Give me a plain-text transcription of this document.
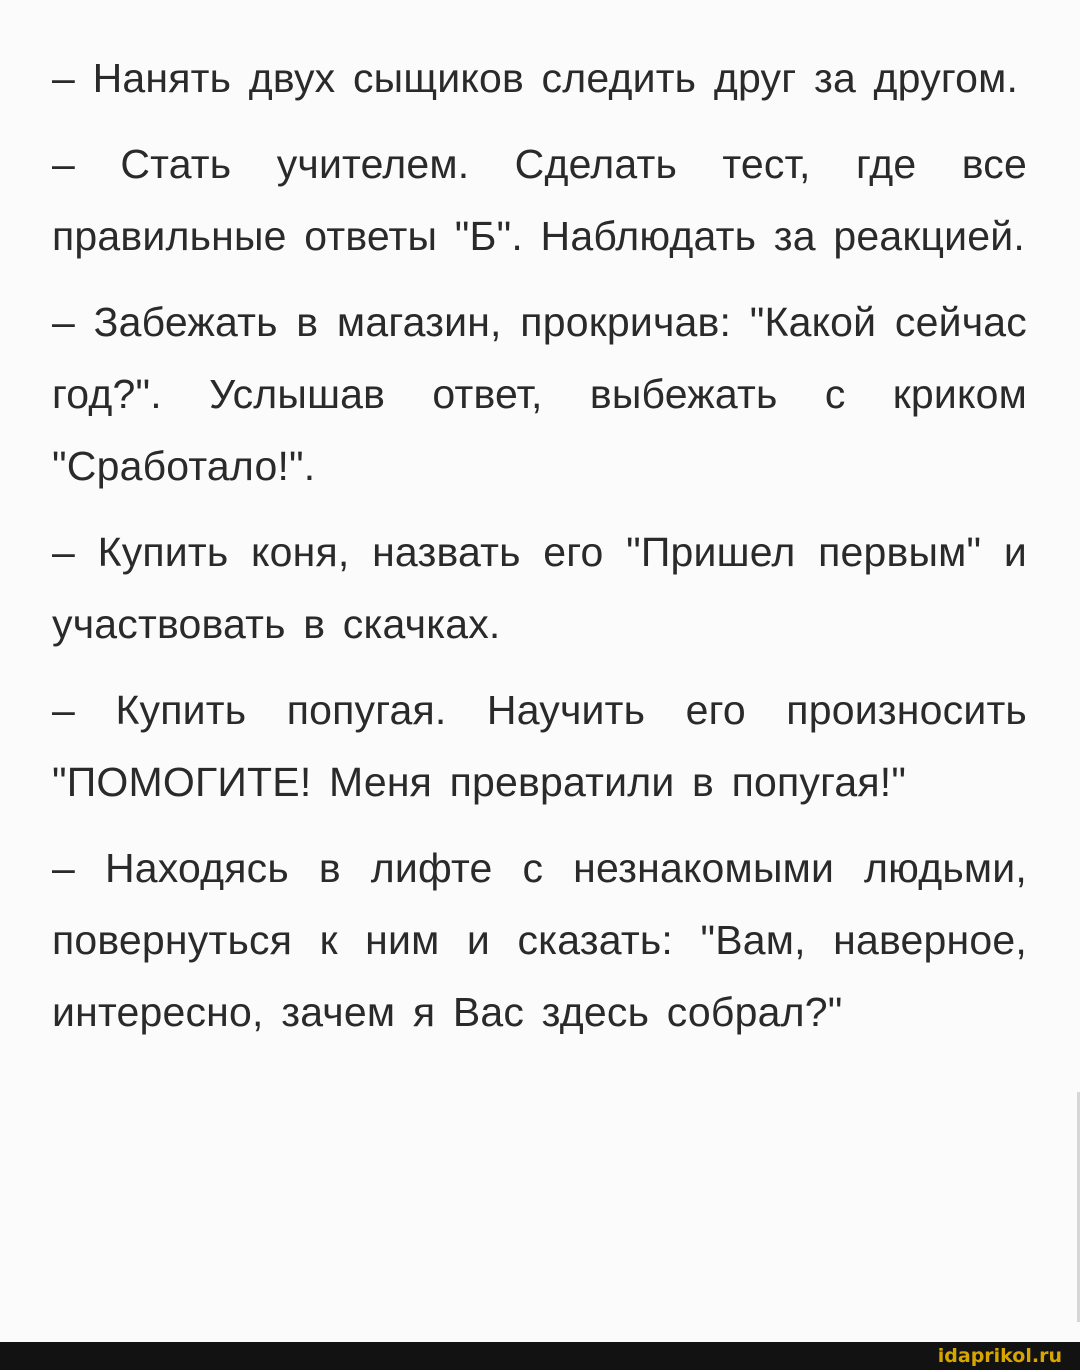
– Нанять двух сыщиков следить друг за другом.

– Стать учителем. Сделать тест, где все правильные ответы "Б". Наблюдать за реакцией.

– Забежать в магазин, прокричав: "Какой сейчас год?". Услышав ответ, выбежать с криком "Сработало!".

– Купить коня, назвать его "Пришел первым" и участвовать в скачках.

– Купить попугая. Научить его произносить "ПОМОГИТЕ! Меня превратили в попугая!"

– Находясь в лифте с незнакомыми людьми, повернуться к ним и сказать: "Вам, наверное, интересно, зачем я Вас здесь собрал?"

idaprikol.ru
